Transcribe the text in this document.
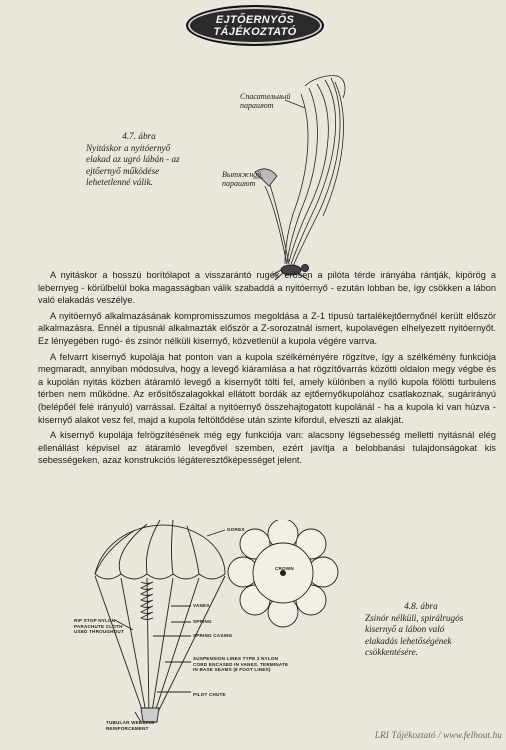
EJTŐERNYŐS
TÁJÉKOZTATÓ
Спасательный парашют
Вытяжной парашют
4.7. ábra
Nyitáskor a nyitóernyő elakad az ugró lábán - az ejtőernyő működése lehetetlenné válik.

A nyitáskor a hosszú borítólapot a visszarántó rugók erősen a pilóta térde irányába rántják, kipörög a lebernyeg - körülbelül boka magasságban válik szabaddá a nyitóernyő - ezután lobban be, így csökken a lábon való elakadás veszélye.

A nyitóernyő alkalmazásának kompromisszumos megoldása a Z-1 típusú tartalékejtőernyőnél került először alkalmazásra. Ennél a típusnál alkalmazták először a Z-sorozatnál ismert, kupolavégen elhelyezett nyitóernyőt. Ez lényegében rugó- és zsinór nélküli kisernyő, közvetlenül a kupola végére varrva.

A felvarrt kisernyő kupolája hat ponton van a kupola szélkéményére rögzítve, így a szélkémény funkciója megmaradt, annyiban módosulva, hogy a levegő kiáramlása a hat rögzítővarrás közötti oldalon megy végbe és a kupolán nyitás közben átáramló levegő a kisernyőt tölti fel, amely különben a nyíló kupola fölötti turbulens térben nem működne. Az erősítőszalagokkal ellátott bordák az ejtőernyőkupolához csatlakoznak, sugárirányú (belépőél felé irányuló) varrással. Ezáltal a nyitóernyő összehajtogatott kupolánál - ha a kupola ki van húzva - kisernyő alakot vesz fel, majd a kupola feltöltődése után szinte kifordul, elveszti az alakját.

A kisernyő kupolája felrögzítésének még egy funkciója van: alacsony légsebesség melletti nyitásnál elég ellenállást képvisel az átáramló levegővel szemben, ezért javítja a belobbanási tulajdonságokat kis sebességeken, azaz konstrukciós légáteresztőképességet jelent.

GORES
VANES
SPRING
SPRING CASING
RIP STOP NYLON PARACHUTE CLOTH USED THROUGHOUT
SUSPENSION LINES TYPE 2 NYLON CORD ENCASED IN VANES. TERMINATE IN BASE SEAMS (8 FOOT LINES)
PILOT CHUTE
TUBULAR WEBBING REINFORCEMENT
CROWN
4.8. ábra
Zsinór nélküli, spirálrugós kisernyő a lábon való elakadás lehetőségének csökkentésére.
LRI Tájékoztató / www.felhout.hu
